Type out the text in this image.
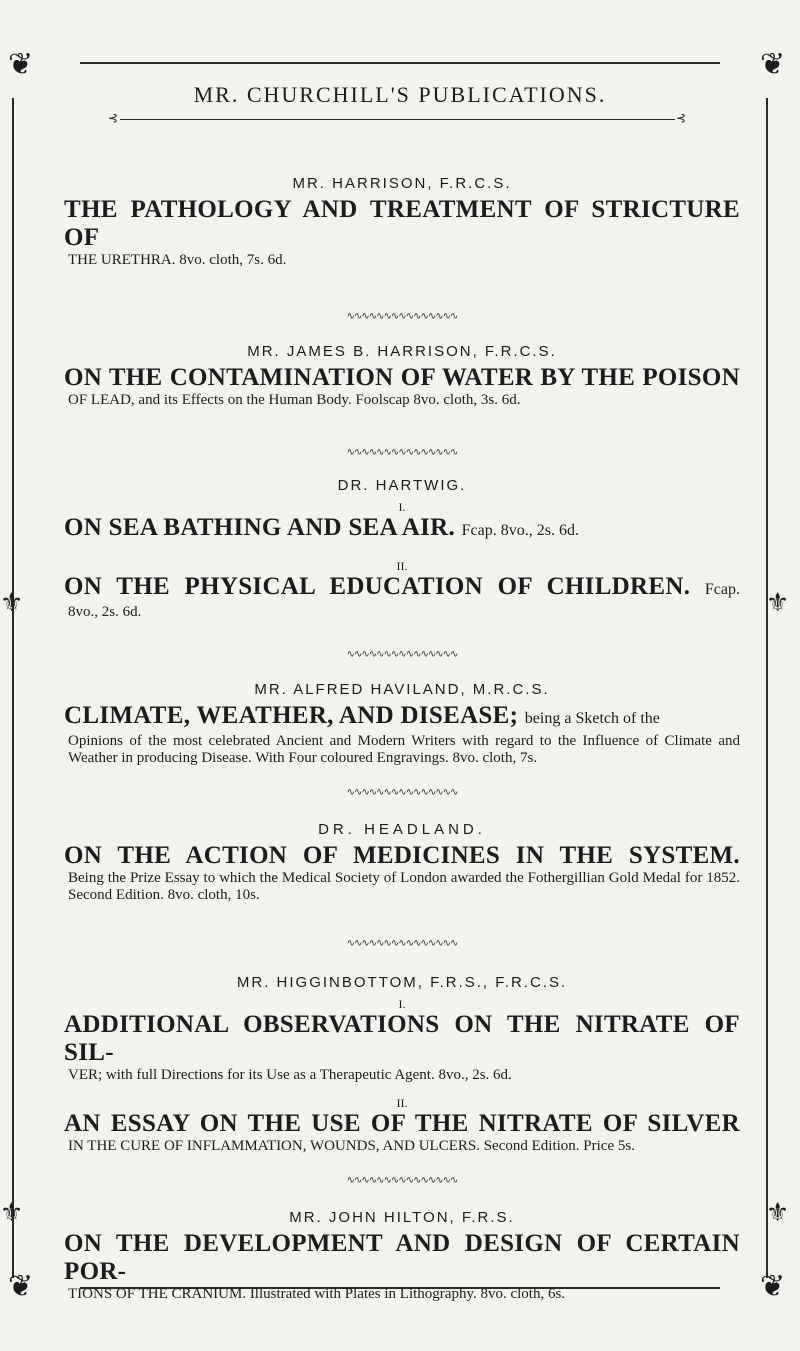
❦	❦
❦	❦
⚜	⚜
⚜	⚜
MR. CHURCHILL'S PUBLICATIONS.
⊰	⊰

MR. HARRISON, F.R.C.S.

THE PATHOLOGY AND TREATMENT OF STRICTURE OF

THE URETHRA. 8vo. cloth, 7s. 6d.

∿∿∿∿∿∿∿∿∿∿∿∿∿∿∿

MR. JAMES B. HARRISON, F.R.C.S.

ON THE CONTAMINATION OF WATER BY THE POISON

OF LEAD, and its Effects on the Human Body. Foolscap 8vo. cloth, 3s. 6d.

∿∿∿∿∿∿∿∿∿∿∿∿∿∿∿

DR. HARTWIG.

I.

ON SEA BATHING AND SEA AIR. Fcap. 8vo., 2s. 6d.

II.

ON THE PHYSICAL EDUCATION OF CHILDREN. Fcap.

8vo., 2s. 6d.

∿∿∿∿∿∿∿∿∿∿∿∿∿∿∿

MR. ALFRED HAVILAND, M.R.C.S.

CLIMATE, WEATHER, AND DISEASE; being a Sketch of the

Opinions of the most celebrated Ancient and Modern Writers with regard to the Influence of Climate and Weather in producing Disease. With Four coloured Engravings. 8vo. cloth, 7s.

∿∿∿∿∿∿∿∿∿∿∿∿∿∿∿

DR. HEADLAND.

ON THE ACTION OF MEDICINES IN THE SYSTEM.

Being the Prize Essay to which the Medical Society of London awarded the Fothergillian Gold Medal for 1852. Second Edition. 8vo. cloth, 10s.

∿∿∿∿∿∿∿∿∿∿∿∿∿∿∿

MR. HIGGINBOTTOM, F.R.S., F.R.C.S.

I.

ADDITIONAL OBSERVATIONS ON THE NITRATE OF SIL-

VER; with full Directions for its Use as a Therapeutic Agent. 8vo., 2s. 6d.

II.

AN ESSAY ON THE USE OF THE NITRATE OF SILVER

IN THE CURE OF INFLAMMATION, WOUNDS, AND ULCERS. Second Edition. Price 5s.

∿∿∿∿∿∿∿∿∿∿∿∿∿∿∿

MR. JOHN HILTON, F.R.S.

ON THE DEVELOPMENT AND DESIGN OF CERTAIN POR-

TIONS OF THE CRANIUM. Illustrated with Plates in Lithography. 8vo. cloth, 6s.
